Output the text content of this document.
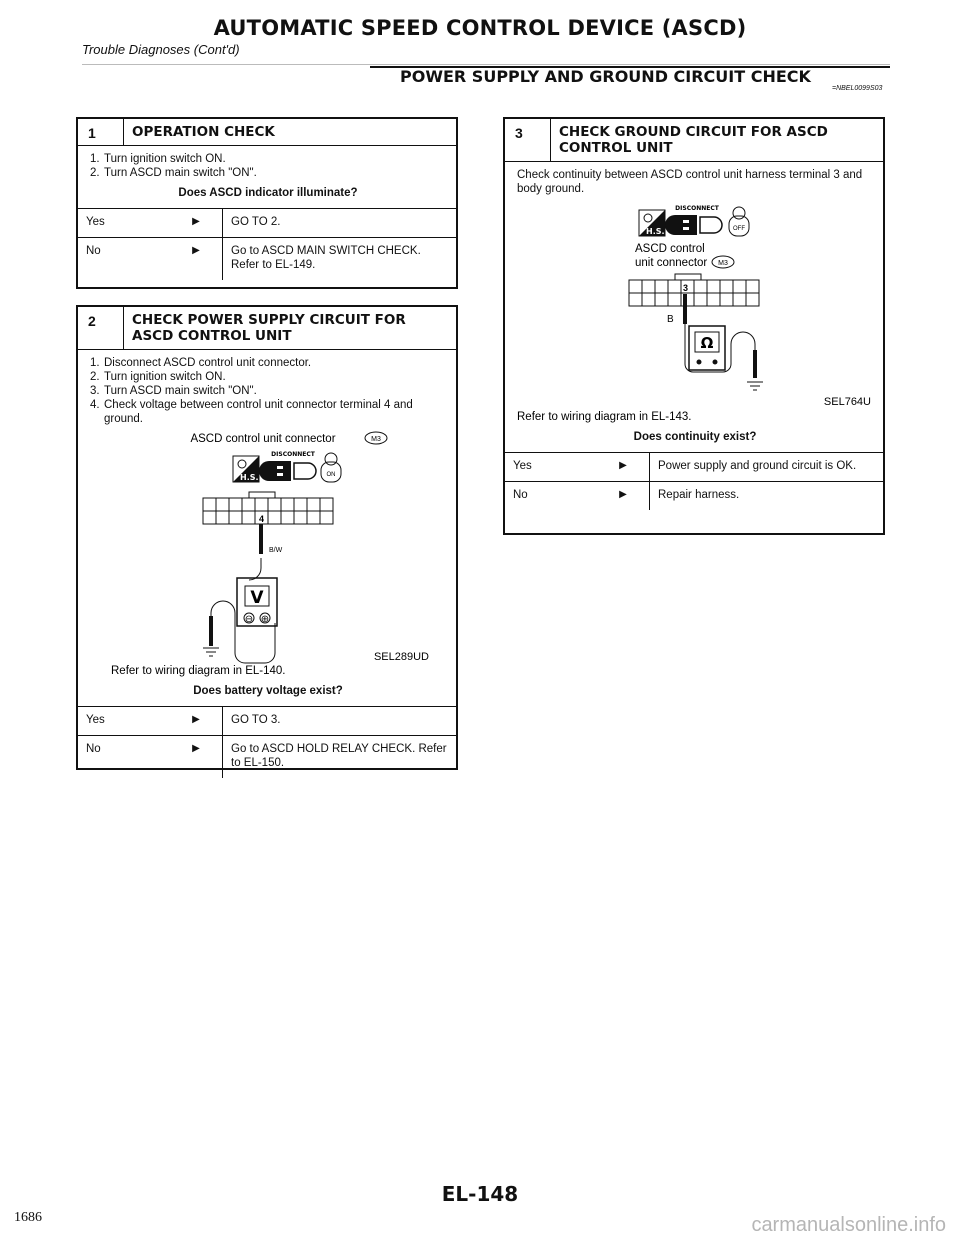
AUTOMATIC SPEED CONTROL DEVICE (ASCD)
Trouble Diagnoses (Cont'd)
POWER SUPPLY AND GROUND CIRCUIT CHECK
=NBEL0099S03
1	OPERATION CHECK
1. Turn ignition switch ON.
2. Turn ASCD main switch "ON".
Does ASCD indicator illuminate?
Yes	▶	GO TO 2.
No	▶	Go to ASCD MAIN SWITCH CHECK. Refer to EL-149.
2	CHECK POWER SUPPLY CIRCUIT FOR ASCD CONTROL UNIT
1. Disconnect ASCD control unit connector.
2. Turn ignition switch ON.
3. Turn ASCD main switch "ON".
4. Check voltage between control unit connector terminal 4 and ground.
ASCD control unit connector	M3
H.S.
DISCONNECT
ON
4
B/W
V
⊖ ⊕
SEL289UD
Refer to wiring diagram in EL-140.
Does battery voltage exist?
Yes	▶	GO TO 3.
No	▶	Go to ASCD HOLD RELAY CHECK. Refer to EL-150.
3	CHECK GROUND CIRCUIT FOR ASCD CONTROL UNIT
Check continuity between ASCD control unit harness terminal 3 and body ground.
H.S.
DISCONNECT
OFF
ASCD control
unit connector M3
3
B
Ω
SEL764U
Refer to wiring diagram in EL-143.
Does continuity exist?
Yes	▶	Power supply and ground circuit is OK.
No	▶	Repair harness.
EL-148
1686	carmanualsonline.info
